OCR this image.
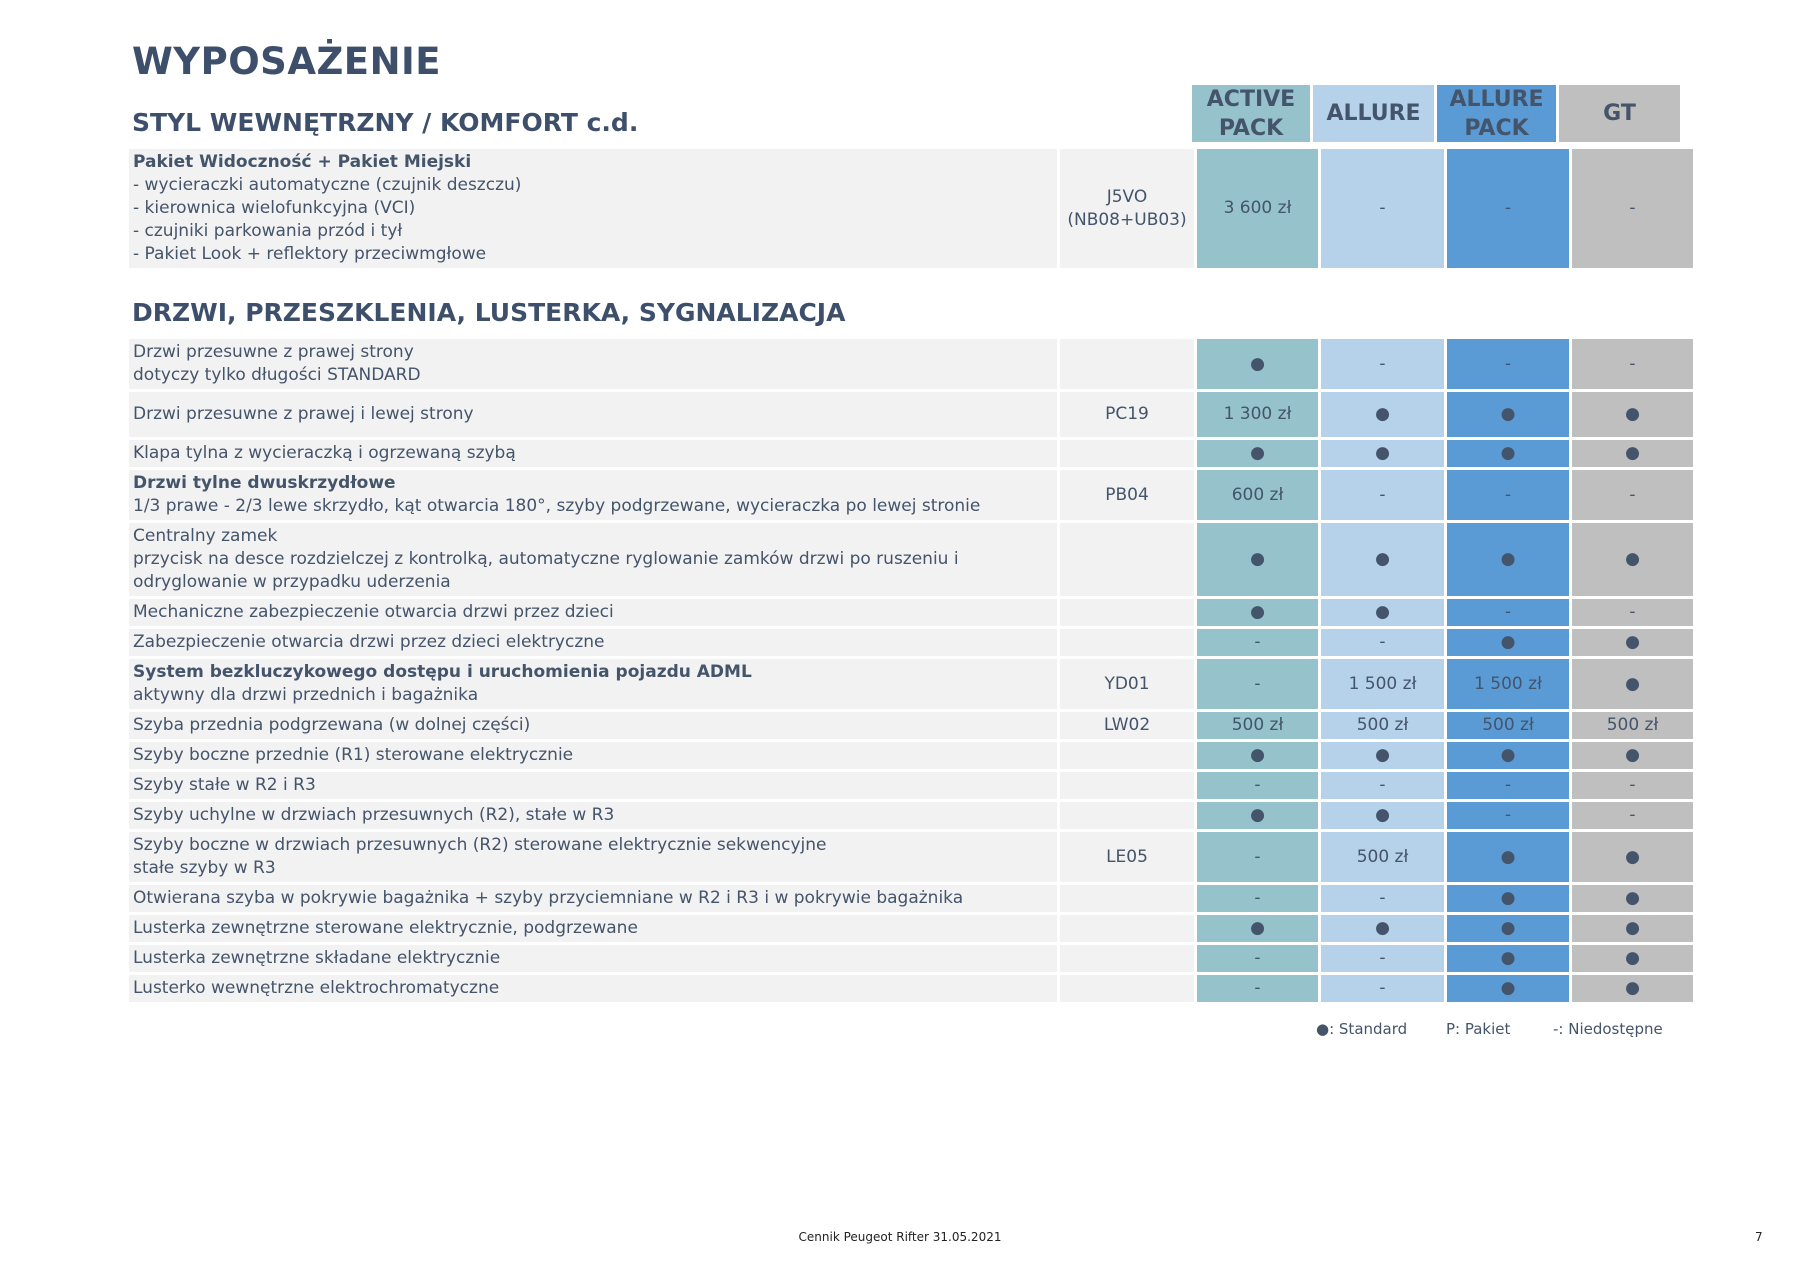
WYPOSAŻENIE
ACTIVE PACK
ALLURE
ALLURE PACK
GT
STYL WEWNĘTRZNY / KOMFORT c.d.
Pakiet Widoczność + Pakiet Miejski
- wycieraczki automatyczne (czujnik deszczu)
- kierownica wielofunkcyjna (VCI)
- czujniki parkowania przód i tył
- Pakiet Look + reflektory przeciwmgłowe

J5VO
(NB08+UB03)
	3 600 zł	-	-	-
DRZWI, PRZESZKLENIA, LUSTERKA, SYGNALIZACJA
Drzwi przesuwne z prawej strony
dotyczy tylko długości STANDARD		●	-	-	-

Drzwi przesuwne z prawej i lewej strony	PC19	1 300 zł	●	●	●

Klapa tylna z wycieraczką i ogrzewaną szybą		●	●	●	●

Drzwi tylne dwuskrzydłowe
1/3 prawe - 2/3 lewe skrzydło, kąt otwarcia 180°, szyby podgrzewane, wycieraczka po lewej stronie	PB04	600 zł	-	-	-

Centralny zamek
przycisk na desce rozdzielczej z kontrolką, automatyczne ryglowanie zamków drzwi po ruszeniu i
odryglowanie w przypadku uderzenia		●	●	●	●

Mechaniczne zabezpieczenie otwarcia drzwi przez dzieci		●	●	-	-

Zabezpieczenie otwarcia drzwi przez dzieci elektryczne		-	-	●	●

System bezkluczykowego dostępu i uruchomienia pojazdu ADML
aktywny dla drzwi przednich i bagażnika	YD01	-	1 500 zł	1 500 zł	●

Szyba przednia podgrzewana (w dolnej części)	LW02	500 zł	500 zł	500 zł	500 zł

Szyby boczne przednie (R1) sterowane elektrycznie		●	●	●	●

Szyby stałe w R2 i R3		-	-	-	-

Szyby uchylne w drzwiach przesuwnych (R2), stałe w R3		●	●	-	-

Szyby boczne w drzwiach przesuwnych (R2) sterowane elektrycznie sekwencyjne
stałe szyby w R3	LE05	-	500 zł	●	●

Otwierana szyba w pokrywie bagażnika + szyby przyciemniane w R2 i R3 i w pokrywie bagażnika		-	-	●	●

Lusterka zewnętrzne sterowane elektrycznie, podgrzewane		●	●	●	●

Lusterka zewnętrzne składane elektrycznie		-	-	●	●

Lusterko wewnętrzne elektrochromatyczne		-	-	●	●
●: Standard	P: Pakiet	-: Niedostępne
Cennik Peugeot Rifter 31.05.2021	7
